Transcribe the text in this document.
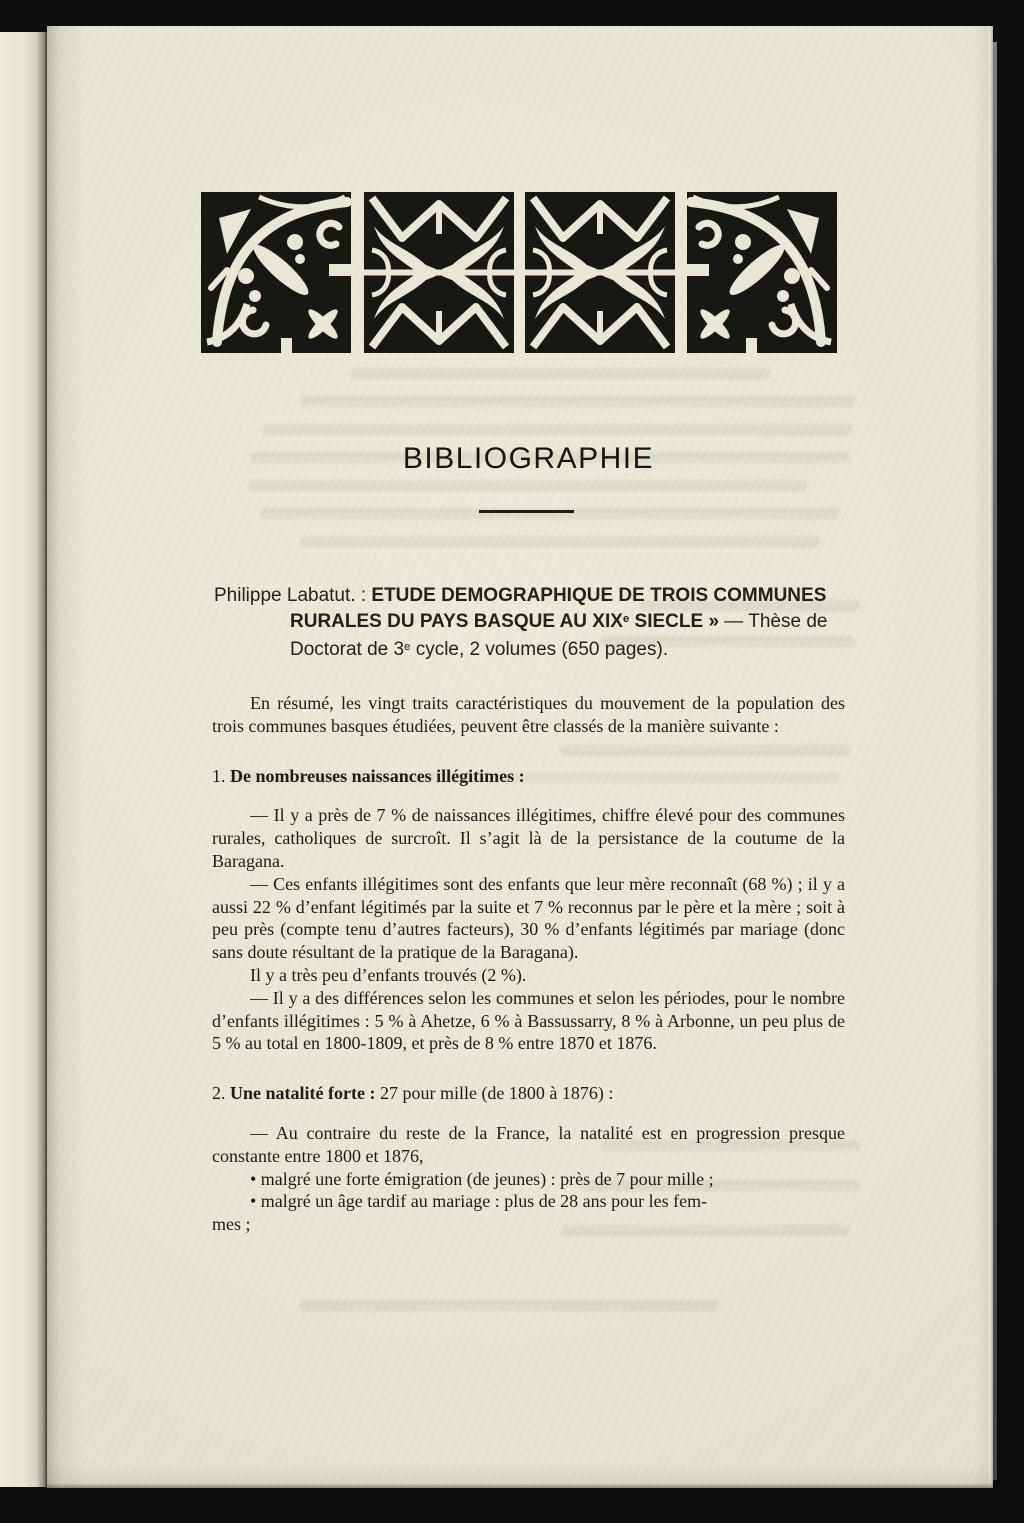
BIBLIOGRAPHIE
Philippe Labatut. : ETUDE DEMOGRAPHIQUE DE TROIS COMMUNES
RURALES DU PAYS BASQUE AU XIXe SIECLE » — Thèse de
Doctorat de 3e cycle, 2 volumes (650 pages).

En résumé, les vingt traits caractéristiques du mouvement de la population des trois communes basques étudiées, peuvent être classés de la manière suivante :

1. De nombreuses naissances illégitimes :

— Il y a près de 7 % de naissances illégitimes, chiffre élevé pour des communes rurales, catholiques de surcroît. Il s’agit là de la persistance de la coutume de la Baragana.

— Ces enfants illégitimes sont des enfants que leur mère reconnaît (68 %) ; il y a aussi 22 % d’enfant légitimés par la suite et 7 % reconnus par le père et la mère ; soit à peu près (compte tenu d’autres facteurs), 30 % d’enfants légitimés par mariage (donc sans doute résultant de la pratique de la Baragana).

Il y a très peu d’enfants trouvés (2 %).

— Il y a des différences selon les communes et selon les périodes, pour le nombre d’enfants illégitimes : 5 % à Ahetze, 6 % à Bassussarry, 8 % à Arbonne, un peu plus de 5 % au total en 1800-1809, et près de 8 % entre 1870 et 1876.

2. Une natalité forte : 27 pour mille (de 1800 à 1876) :

— Au contraire du reste de la France, la natalité est en progression presque constante entre 1800 et 1876,

• malgré une forte émigration (de jeunes) : près de 7 pour mille ;

• malgré un âge tardif au mariage : plus de 28 ans pour les fem-
mes ;
